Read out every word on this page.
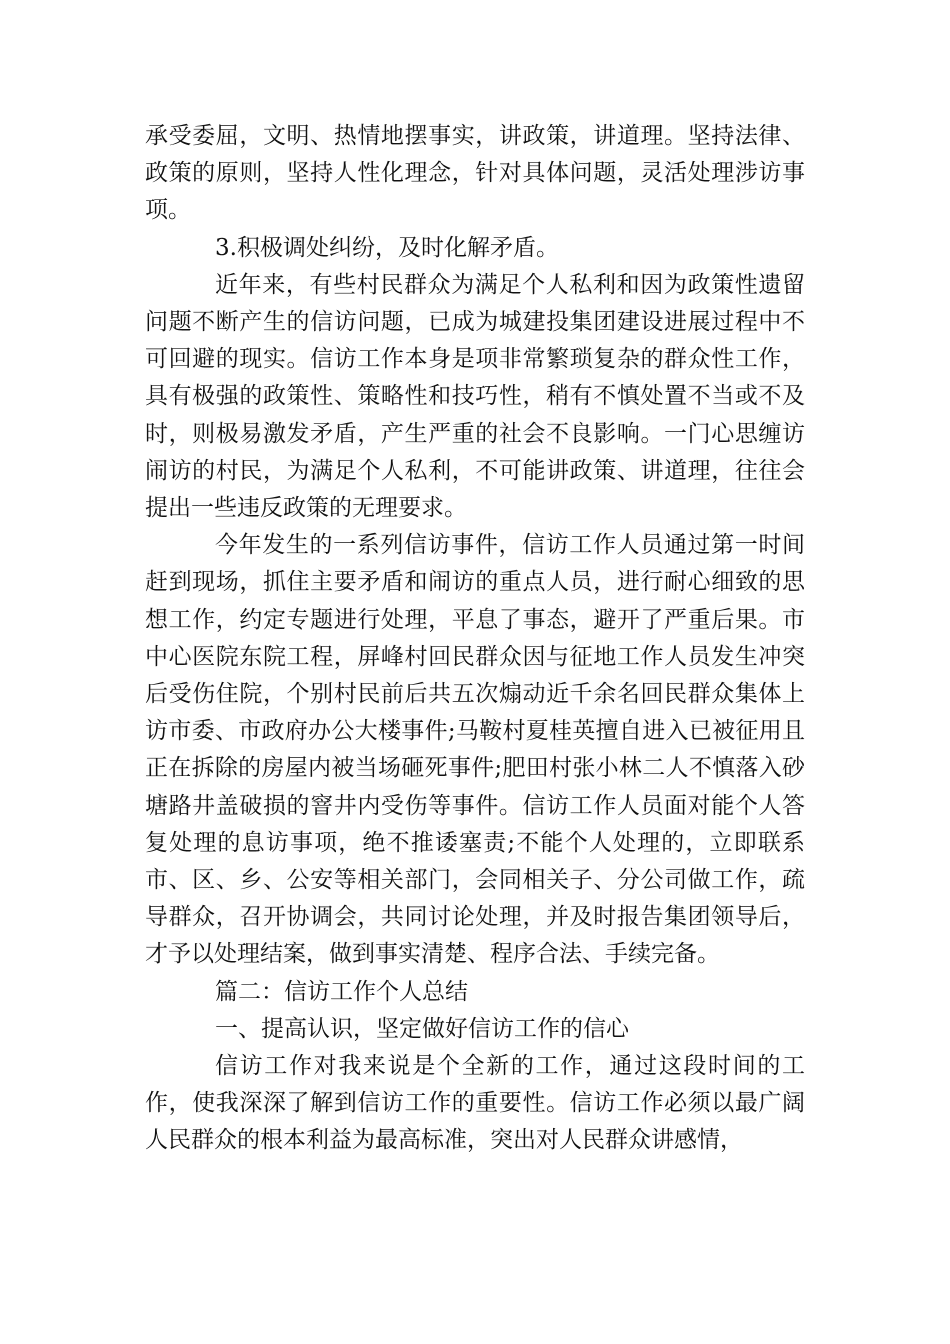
承受委屈，文明、热情地摆事实，讲政策，讲道理。坚持法律、政策的原则，坚持人性化理念，针对具体问题，灵活处理涉访事项。

3.积极调处纠纷，及时化解矛盾。

近年来，有些村民群众为满足个人私利和因为政策性遗留问题不断产生的信访问题，已成为城建投集团建设进展过程中不可回避的现实。信访工作本身是项非常繁琐复杂的群众性工作，具有极强的政策性、策略性和技巧性，稍有不慎处置不当或不及时，则极易激发矛盾，产生严重的社会不良影响。一门心思缠访闹访的村民，为满足个人私利，不可能讲政策、讲道理，往往会提出一些违反政策的无理要求。

今年发生的一系列信访事件，信访工作人员通过第一时间赶到现场，抓住主要矛盾和闹访的重点人员，进行耐心细致的思想工作，约定专题进行处理，平息了事态，避开了严重后果。市中心医院东院工程，屏峰村回民群众因与征地工作人员发生冲突后受伤住院，个别村民前后共五次煽动近千余名回民群众集体上访市委、市政府办公大楼事件;马鞍村夏桂英擅自进入已被征用且正在拆除的房屋内被当场砸死事件;肥田村张小林二人不慎落入砂塘路井盖破损的窨井内受伤等事件。信访工作人员面对能个人答复处理的息访事项，绝不推诿塞责;不能个人处理的，立即联系市、区、乡、公安等相关部门，会同相关子、分公司做工作，疏导群众，召开协调会，共同讨论处理，并及时报告集团领导后，才予以处理结案，做到事实清楚、程序合法、手续完备。

篇二：信访工作个人总结

一、提高认识，坚定做好信访工作的信心

信访工作对我来说是个全新的工作，通过这段时间的工作，使我深深了解到信访工作的重要性。信访工作必须以最广阔人民群众的根本利益为最高标准，突出对人民群众讲感情，
